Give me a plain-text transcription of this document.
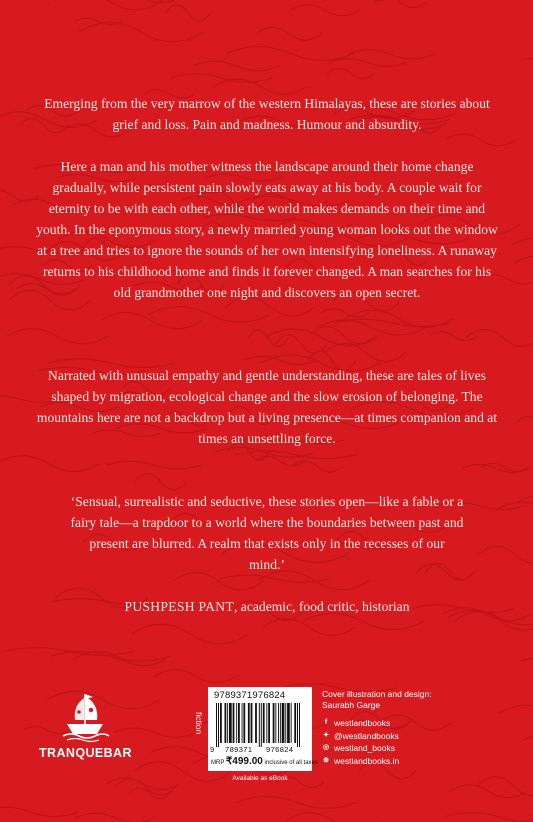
Emerging from the very marrow of the western Himalayas, these are stories about grief and loss. Pain and madness. Humour and absurdity.

Here a man and his mother witness the landscape around their home change gradually, while persistent pain slowly eats away at his body. A couple wait for eternity to be with each other, while the world makes demands on their time and youth. In the eponymous story, a newly married young woman looks out the window at a tree and tries to ignore the sounds of her own intensifying loneliness. A runaway returns to his childhood home and finds it forever changed. A man searches for his old grandmother one night and discovers an open secret.

Narrated with unusual empathy and gentle understanding, these are tales of lives shaped by migration, ecological change and the slow erosion of belonging. The mountains here are not a backdrop but a living presence—at times companion and at times an unsettling force.

‘Sensual, surrealistic and seductive, these stories open—like a fable or a fairy tale—a trapdoor to a world where the boundaries between past and present are blurred. A realm that exists only in the recesses of our mind.’

PUSHPESH PANT, academic, food critic, historian
TRANQUEBAR
fiction
9789371976824
9 789371 976824
MRP ₹499.00 inclusive of all taxes
Available as eBook
Cover illustration and design:
Saurabh Garge
f westlandbooks
✦ @westlandbooks
◎ westland_books
⊕ westlandbooks.in
